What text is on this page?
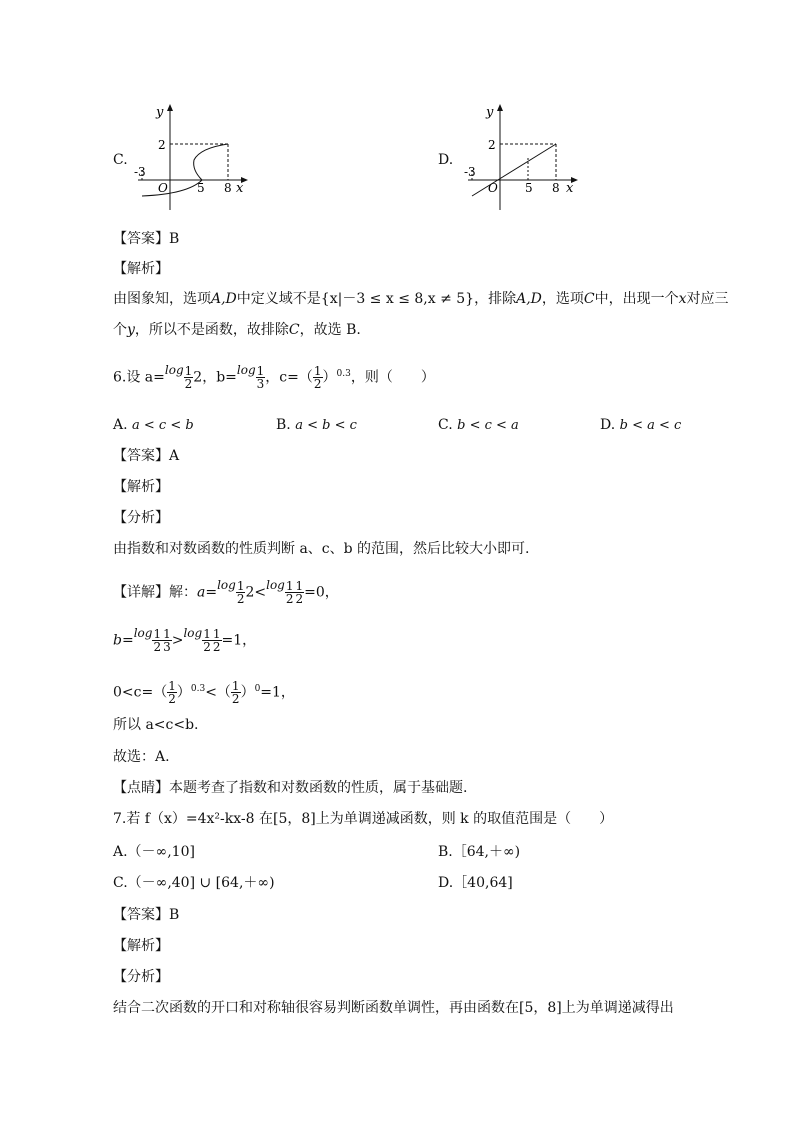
C.
y
2
-3
O 5 8 x
D.
y
2
-3
O 5 8 x
【答案】B
【解析】
由图象知，选项A,D中定义域不是{x|－3 ≤ x ≤ 8,x ≠ 5}，排除A,D，选项C中，出现一个x对应三
个y，所以不是函数，故排除C，故选 B.
6.设 $a=\log \frac{1}{2} 2$，$b=\log \frac{1}{3}$ ，$c=( \frac{1}{2} )^{0.3}$，则（　　）
A. a < c < b	B. a < b < c	C. b < c < a	D. b < a < c
【答案】A
【解析】
【分析】
由指数和对数函数的性质判断 a、c、b 的范围，然后比较大小即可.
【详解】解：$a=\log \frac{1}{2} 2<\log \frac{1}{2} \frac{1}{2} =0$，
$b=\log \frac{1}{2} \frac{1}{3} >\log \frac{1}{2} \frac{1}{2} =1$，
$0<c=( \frac{1}{2} )^{0.3}<( \frac{1}{2} )^0=1$，
所以 a<c<b.
故选：A.
【点睛】本题考查了指数和对数函数的性质，属于基础题.
7.若 f（x）=4x²-kx-8 在[5，8]上为单调递减函数，则 k 的取值范围是（　　）
A.（－∞,10]	B.［64,＋∞)
C.（－∞,40] ∪ [64,＋∞)	D.［40,64]
【答案】B
【解析】
【分析】
结合二次函数的开口和对称轴很容易判断函数单调性，再由函数在[5，8]上为单调递减得出
